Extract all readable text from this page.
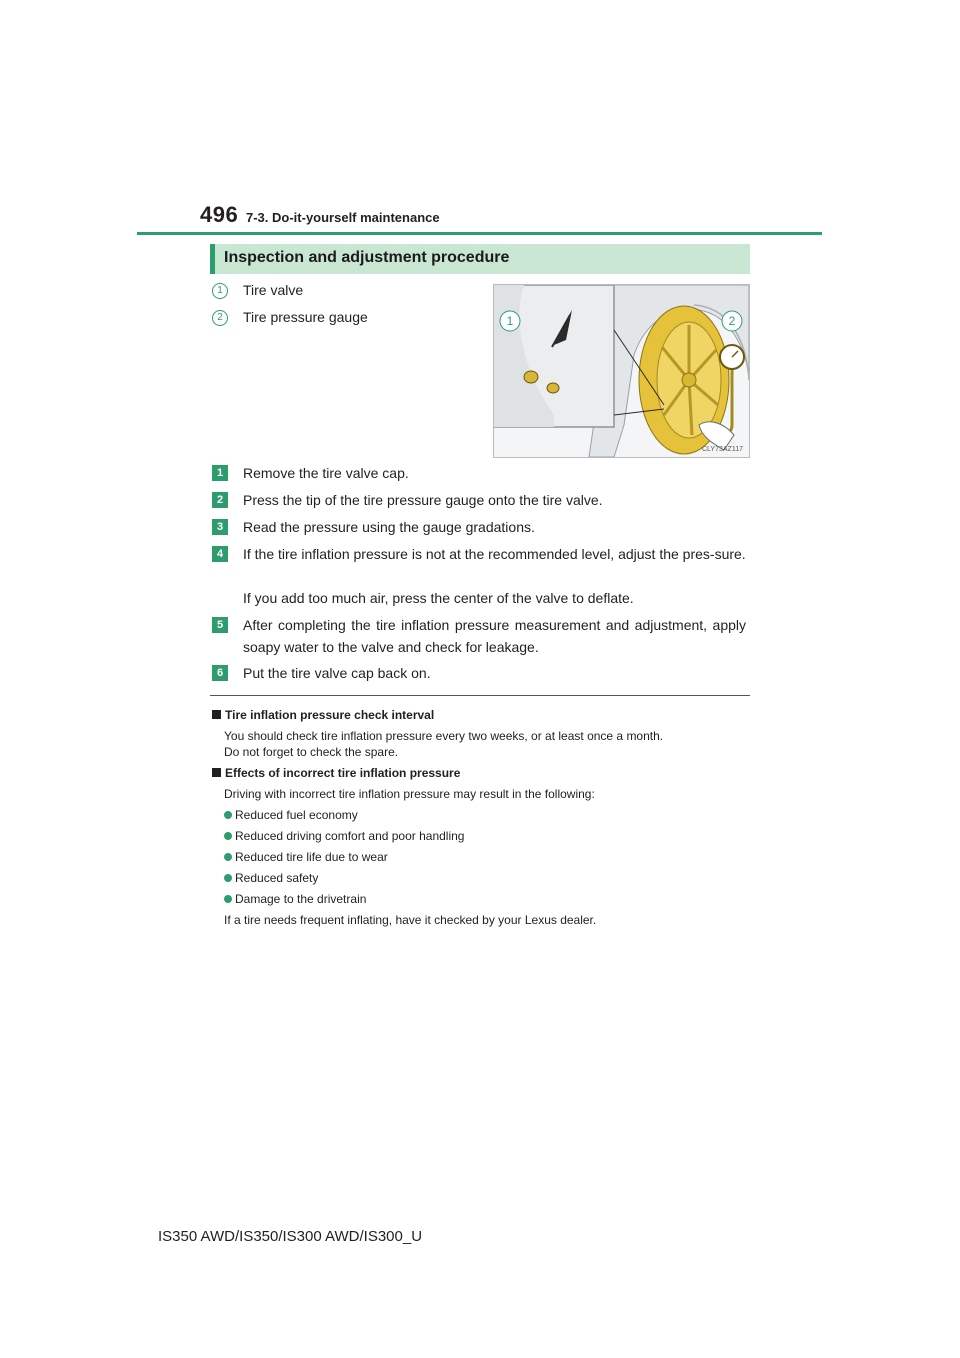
496 7-3. Do-it-yourself maintenance
Inspection and adjustment procedure
1	Tire valve
2	Tire pressure gauge	1	2
CLY73AZ117
1	Remove the tire valve cap.
2	Press the tip of the tire pressure gauge onto the tire valve.
3	Read the pressure using the gauge gradations.
4	If the tire inflation pressure is not at the recommended level, adjust the pres-sure.
If you add too much air, press the center of the valve to deflate.
5	After completing the tire inflation pressure measurement and adjustment, apply soapy water to the valve and check for leakage.
6	Put the tire valve cap back on.
Tire inflation pressure check interval
You should check tire inflation pressure every two weeks, or at least once a month.
Do not forget to check the spare.
Effects of incorrect tire inflation pressure
Driving with incorrect tire inflation pressure may result in the following:
Reduced fuel economy
Reduced driving comfort and poor handling
Reduced tire life due to wear
Reduced safety
Damage to the drivetrain
If a tire needs frequent inflating, have it checked by your Lexus dealer.
IS350 AWD/IS350/IS300 AWD/IS300_U
